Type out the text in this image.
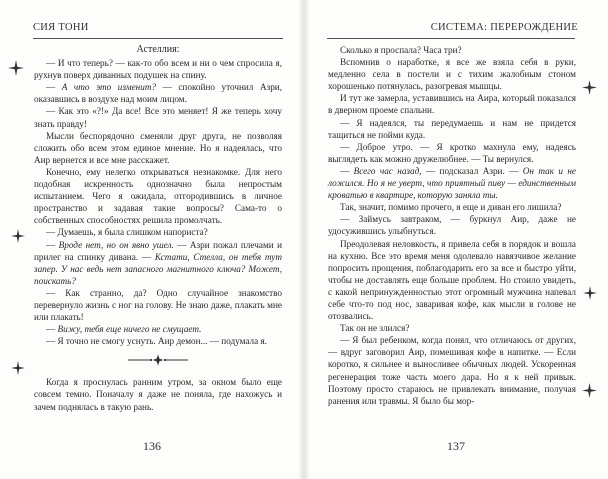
СИЯ ТОНИ

Астеллия:

— И что теперь? — как-то обо всем и ни о чем спросила я, рухнув поверх диванных подушек на спину.

— А что это изменит? — спокойно уточнил Азри, оказавшись в воздухе над моим лицом.

— Как это «?!» Да все! Все это меняет! Я же теперь хочу знать правду!

Мысли беспорядочно сменяли друг друга, не позволяя сложить обо всем этом единое мнение. Но я надеялась, что Аир вернется и все мне расскажет.

Конечно, ему нелегко открываться незнакомке. Для него подобная искренность однозначно была непростым испытанием. Чего я ожидала, отгородившись в личное пространство и задавая такие вопросы? Сама-то о собственных способностях решила промолчать.

— Думаешь, я была слишком напориста?

— Вроде нет, но он явно ушел. — Азри пожал плечами и прилег на спинку дивана. — Кстати, Стелла, он тебя тут запер. У нас ведь нет запасного магнитного ключа? Может, поискать?

— Как странно, да? Одно случайное знакомство перевернуло жизнь с ног на голову. Не знаю даже, плакать мне или плакать!

— Вижу, тебя еще ничего не смущает.

— Я точно не смогу уснуть. Аир демон... — подумала я.

Когда я проснулась ранним утром, за окном было еще совсем темно. Поначалу я даже не поняла, где нахожусь и зачем поднялась в такую рань.

136
СИСТЕМА: ПЕРЕРОЖДЕНИЕ

Сколько я проспала? Часа три?

Вспомнив о наработке, я все же взяла себя в руки, медленно села в постели и с тихим жалобным стоном хорошенько потянулась, разогревая мышцы.

И тут же замерла, уставившись на Аира, который показался в дверном проеме спальни.

— Я надеялся, ты передумаешь и нам не придется тащиться не пойми куда.

— Доброе утро. — Я кротко махнула ему, надеясь выглядеть как можно дружелюбнее. — Ты вернулся.

— Всего час назад, — подсказал Азри. — Он так и не ложился. Но я не уверт, что приятный пиву — единственным кроватью в квартире, которую заняла ты.

Так, значит, помимо прочего, я еще и диван его лишила?

— Займусь завтраком, — буркнул Аир, даже не удосужившись улыбнуться.

Преодолевая неловкость, я привела себя в порядок и вошла на кухню. Все это время меня одолевало навязчивое желание попросить прощения, поблагодарить его за все и быстро уйти, чтобы не доставлять еще больше проблем. Но стоило увидеть, с какой непринужденностью этот огромный мужчина напевал себе что-то под нос, заваривая кофе, как мысли в голове не отозвались.

Так он не злился?

— Я был ребенком, когда понял, что отличаюсь от других, — вдруг заговорил Аир, помешивая кофе в напитке. — Если коротко, я сильнее и выносливее обычных людей. Ускоренная регенерация тоже часть моего дара. Но я к ней привык. Поэтому просто стараюсь не привлекать внимание, получая ранения или травмы. Я было бы мор-

137
